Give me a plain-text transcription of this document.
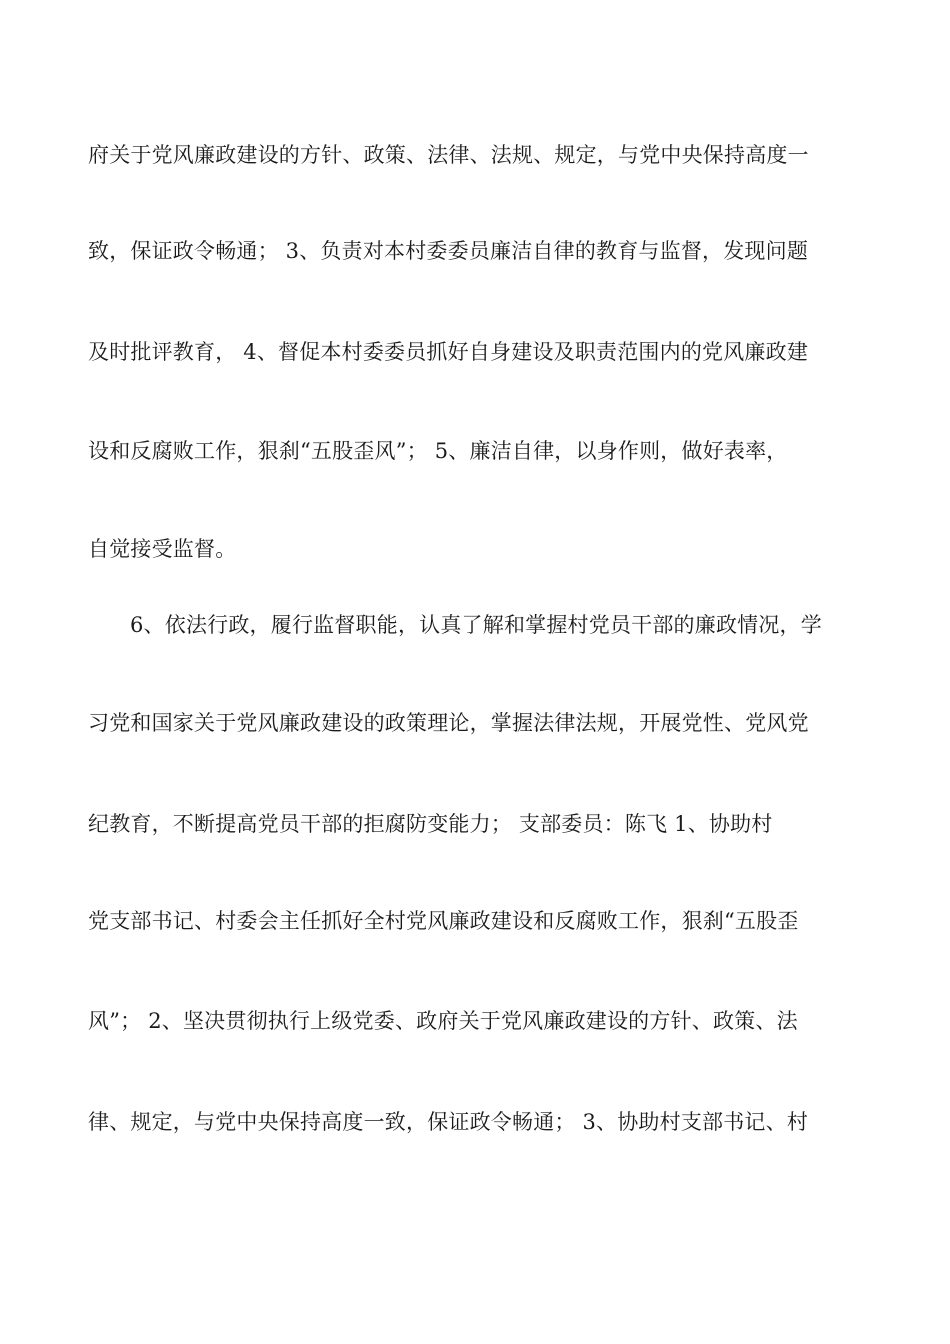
府关于党风廉政建设的方针、政策、法律、法规、规定，与党中央保持高度一
致，保证政令畅通； 3、负责对本村委委员廉洁自律的教育与监督，发现问题
及时批评教育， 4、督促本村委委员抓好自身建设及职责范围内的党风廉政建
设和反腐败工作，狠刹“五股歪风”； 5、廉洁自律，以身作则，做好表率，
自觉接受监督。
6、依法行政，履行监督职能，认真了解和掌握村党员干部的廉政情况，学
习党和国家关于党风廉政建设的政策理论，掌握法律法规，开展党性、党风党
纪教育，不断提高党员干部的拒腐防变能力； 支部委员：陈飞 1、协助村
党支部书记、村委会主任抓好全村党风廉政建设和反腐败工作，狠刹“五股歪
风”； 2、坚决贯彻执行上级党委、政府关于党风廉政建设的方针、政策、法
律、规定，与党中央保持高度一致，保证政令畅通； 3、协助村支部书记、村
